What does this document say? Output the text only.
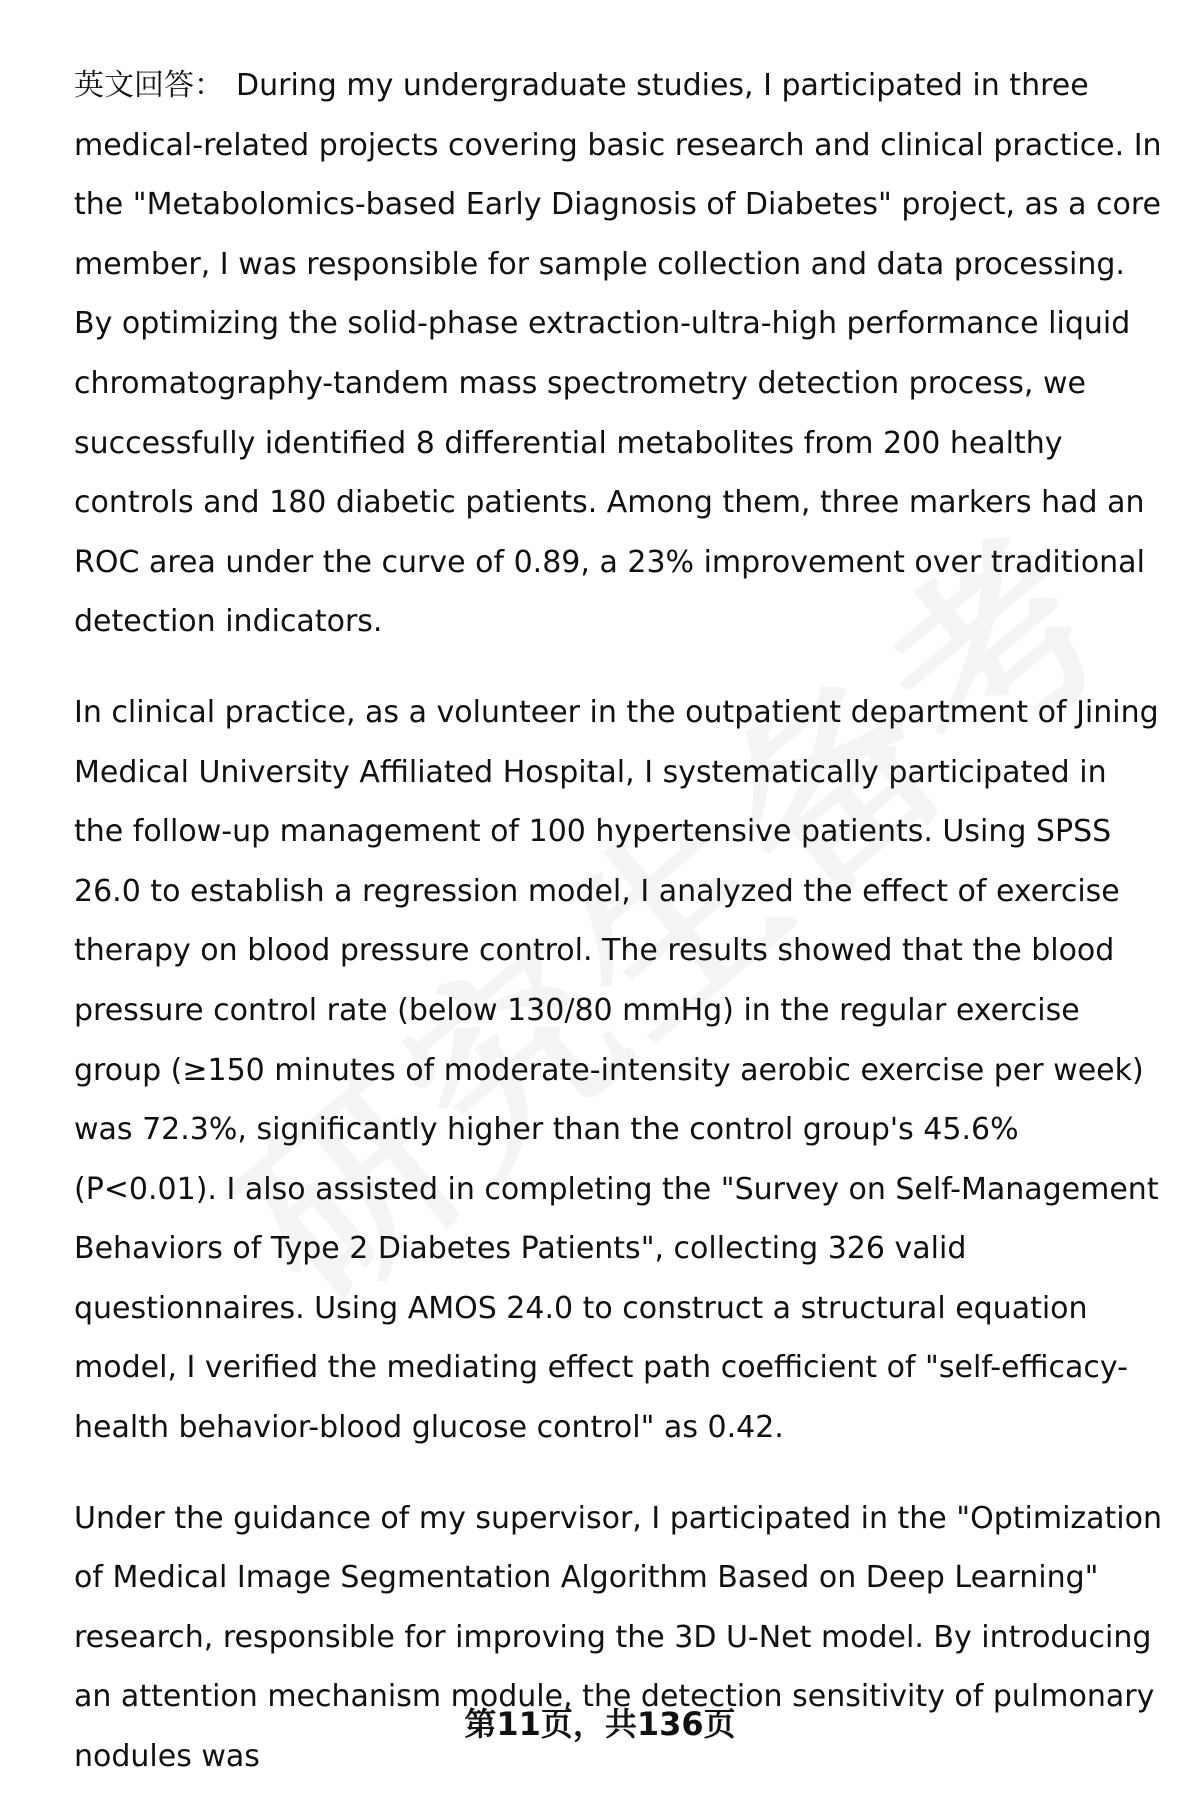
英文回答： During my undergraduate studies, I participated in three medical-related projects covering basic research and clinical practice. In the "Metabolomics-based Early Diagnosis of Diabetes" project, as a core member, I was responsible for sample collection and data processing. By optimizing the solid-phase extraction-ultra-high performance liquid chromatography-tandem mass spectrometry detection process, we successfully identified 8 differential metabolites from 200 healthy controls and 180 diabetic patients. Among them, three markers had an ROC area under the curve of 0.89, a 23% improvement over traditional detection indicators.

In clinical practice, as a volunteer in the outpatient department of Jining Medical University Affiliated Hospital, I systematically participated in the follow-up management of 100 hypertensive patients. Using SPSS 26.0 to establish a regression model, I analyzed the effect of exercise therapy on blood pressure control. The results showed that the blood pressure control rate (below 130/80 mmHg) in the regular exercise group (≥150 minutes of moderate-intensity aerobic exercise per week) was 72.3%, significantly higher than the control group's 45.6% (P<0.01). I also assisted in completing the "Survey on Self-Management Behaviors of Type 2 Diabetes Patients", collecting 326 valid questionnaires. Using AMOS 24.0 to construct a structural equation model, I verified the mediating effect path coefficient of "self-efficacy-health behavior-blood glucose control" as 0.42.

Under the guidance of my supervisor, I participated in the "Optimization of Medical Image Segmentation Algorithm Based on Deep Learning" research, responsible for improving the 3D U-Net model. By introducing an attention mechanism module, the detection sensitivity of pulmonary nodules was

第11页，共136页
